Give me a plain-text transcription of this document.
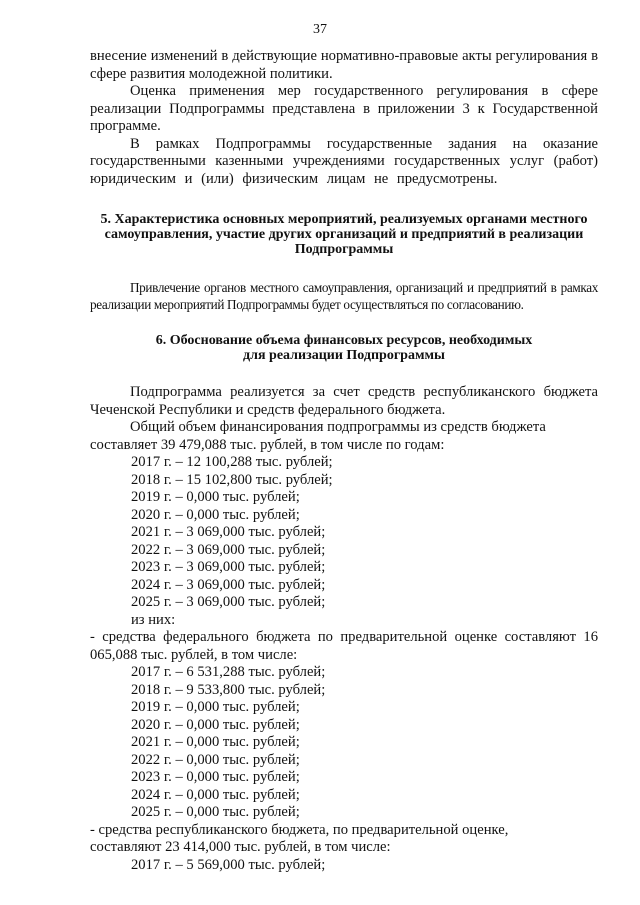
37

внесение изменений в действующие нормативно-правовые акты регулирования в сфере развития молодежной политики.

Оценка применения мер государственного регулирования в сфере реализации Подпрограммы представлена в приложении 3 к Государственной программе.

В рамках Подпрограммы государственные задания на оказание государственными казенными учреждениями государственных услуг (работ) юридическим и (или) физическим лицам не предусмотрены.

5. Характеристика основных мероприятий, реализуемых органами местного самоуправления, участие других организаций и предприятий в реализации Подпрограммы

Привлечение органов местного самоуправления, организаций и предприятий в рамках реализации мероприятий Подпрограммы будет осуществляться по согласованию.

6. Обоснование объема финансовых ресурсов, необходимых
для реализации Подпрограммы

Подпрограмма реализуется за счет средств республиканского бюджета Чеченской Республики и средств федерального бюджета.

Общий объем финансирования подпрограммы из средств бюджета

составляет 39 479,088 тыс. рублей, в том числе по годам:

2017 г. – 12 100,288 тыс. рублей;
2018 г. – 15 102,800 тыс. рублей;
2019 г. – 0,000 тыс. рублей;
2020 г. – 0,000 тыс. рублей;
2021 г. – 3 069,000 тыс. рублей;
2022 г. – 3 069,000 тыс. рублей;
2023 г. – 3 069,000 тыс. рублей;
2024 г. – 3 069,000 тыс. рублей;
2025 г. – 3 069,000 тыс. рублей;
из них:

- средства федерального бюджета по предварительной оценке составляют 16 065,088 тыс. рублей, в том числе:

2017 г. – 6 531,288 тыс. рублей;
2018 г. – 9 533,800 тыс. рублей;
2019 г. – 0,000 тыс. рублей;
2020 г. – 0,000 тыс. рублей;
2021 г. – 0,000 тыс. рублей;
2022 г. – 0,000 тыс. рублей;
2023 г. – 0,000 тыс. рублей;
2024 г. – 0,000 тыс. рублей;
2025 г. – 0,000 тыс. рублей;

- средства республиканского бюджета, по предварительной оценке,

составляют 23 414,000 тыс. рублей, в том числе:

2017 г. – 5 569,000 тыс. рублей;
